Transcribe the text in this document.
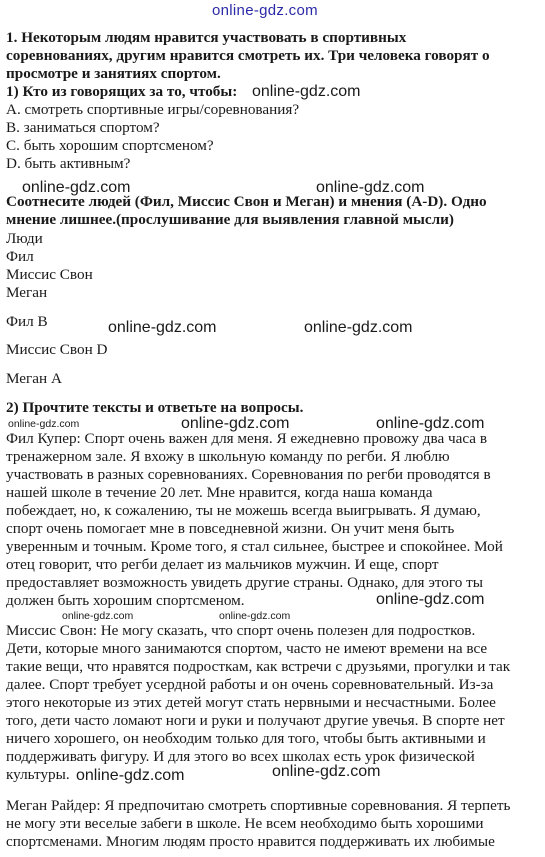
1. Некоторым людям нравится участвовать в спортивных
соревнованиях, другим нравится смотреть их. Три человека говорят о
просмотре и занятиях спортом.
1) Кто из говорящих за то, чтобы:
A. смотреть спортивные игры/соревнования?
B. заниматься спортом?
C. быть хорошим спортсменом?
D. быть активным?
Соотнесите людей (Фил, Миссис Свон и Меган) и мнения (A-D). Одно
мнение лишнее.(прослушивание для выявления главной мысли)
Люди
Фил
Миссис Свон
Меган
Фил B
Миссис Свон D
Меган A
2) Прочтите тексты и ответьте на вопросы.
Фил Купер: Спорт очень важен для меня. Я ежедневно провожу два часа в
тренажерном зале. Я вхожу в школьную команду по регби. Я люблю
участвовать в разных соревнованиях. Соревнования по регби проводятся в
нашей школе в течение 20 лет. Мне нравится, когда наша команда
побеждает, но, к сожалению, ты не можешь всегда выигрывать. Я думаю,
спорт очень помогает мне в повседневной жизни. Он учит меня быть
уверенным и точным. Кроме того, я стал сильнее, быстрее и спокойнее. Мой
отец говорит, что регби делает из мальчиков мужчин. И еще, спорт
предоставляет возможность увидеть другие страны. Однако, для этого ты
должен быть хорошим спортсменом.
Миссис Свон: Не могу сказать, что спорт очень полезен для подростков.
Дети, которые много занимаются спортом, часто не имеют времени на все
такие вещи, что нравятся подросткам, как встречи с друзьями, прогулки и так
далее. Спорт требует усердной работы и он очень соревновательный. Из-за
этого некоторые из этих детей могут стать нервными и несчастными. Более
того, дети часто ломают ноги и руки и получают другие увечья. В спорте нет
ничего хорошего, он необходим только для того, чтобы быть активными и
поддерживать фигуру. И для этого во всех школах есть урок физической
культуры.
Меган Райдер: Я предпочитаю смотреть спортивные соревнования. Я терпеть
не могу эти веселые забеги в школе. Не всем необходимо быть хорошими
спортсменами. Многим людям просто нравится поддерживать их любимые
online-gdz.com
online-gdz.com
online-gdz.com	online-gdz.com
online-gdz.com	online-gdz.com
online-gdz.com	online-gdz.com
online-gdz.com
online-gdz.com
online-gdz.com	online-gdz.com
online-gdz.com	online-gdz.com
